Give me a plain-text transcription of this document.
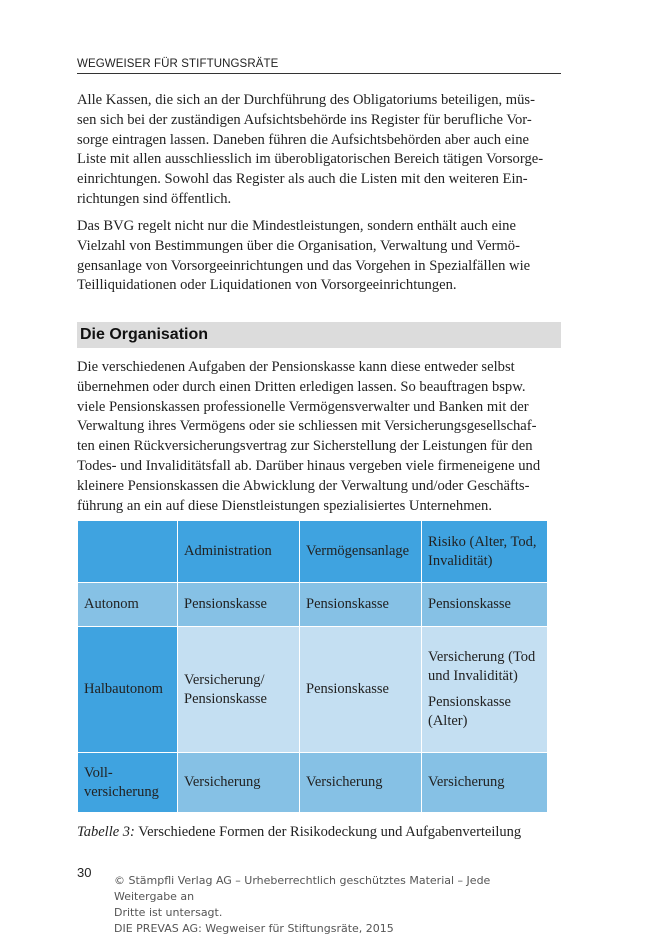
WEGWEISER FÜR STIFTUNGSRÄTE
Alle Kassen, die sich an der Durchführung des Obligatoriums beteiligen, müs-
sen sich bei der zuständigen Aufsichtsbehörde ins Register für berufliche Vor-
sorge eintragen lassen. Daneben führen die Aufsichtsbehörden aber auch eine
Liste mit allen ausschliesslich im überobligatorischen Bereich tätigen Vorsorge-
einrichtungen. Sowohl das Register als auch die Listen mit den weiteren Ein-
richtungen sind öffentlich.
Das BVG regelt nicht nur die Mindestleistungen, sondern enthält auch eine
Vielzahl von Bestimmungen über die Organisation, Verwaltung und Vermö-
gensanlage von Vorsorgeeinrichtungen und das Vorgehen in Spezialfällen wie
Teilliquidationen oder Liquidationen von Vorsorgeeinrichtungen.
Die Organisation
Die verschiedenen Aufgaben der Pensionskasse kann diese entweder selbst
übernehmen oder durch einen Dritten erledigen lassen. So beauftragen bspw.
viele Pensionskassen professionelle Vermögensverwalter und Banken mit der
Verwaltung ihres Vermögens oder sie schliessen mit Versicherungsgesellschaf-
ten einen Rückversicherungsvertrag zur Sicherstellung der Leistungen für den
Todes- und Invaliditätsfall ab. Darüber hinaus vergeben viele firmeneigene und
kleinere Pensionskassen die Abwicklung der Verwaltung und/oder Geschäfts-
führung an ein auf diese Dienstleistungen spezialisiertes Unternehmen.
	Administration	Vermögensanlage	Risiko (Alter, Tod, Invalidität)
Autonom	Pensionskasse	Pensionskasse	Pensionskasse
Halbautonom	Versicherung/ Pensionskasse	Pensionskasse	Versicherung (Tod und Invalidität)

Pensionskasse (Alter)

Voll-versicherung	Versicherung	Versicherung	Versicherung
Tabelle 3: Verschiedene Formen der Risikodeckung und Aufgabenverteilung
30
© Stämpfli Verlag AG – Urheberrechtlich geschütztes Material – Jede Weitergabe an
Dritte ist untersagt.
DIE PREVAS AG: Wegweiser für Stiftungsräte, 2015
